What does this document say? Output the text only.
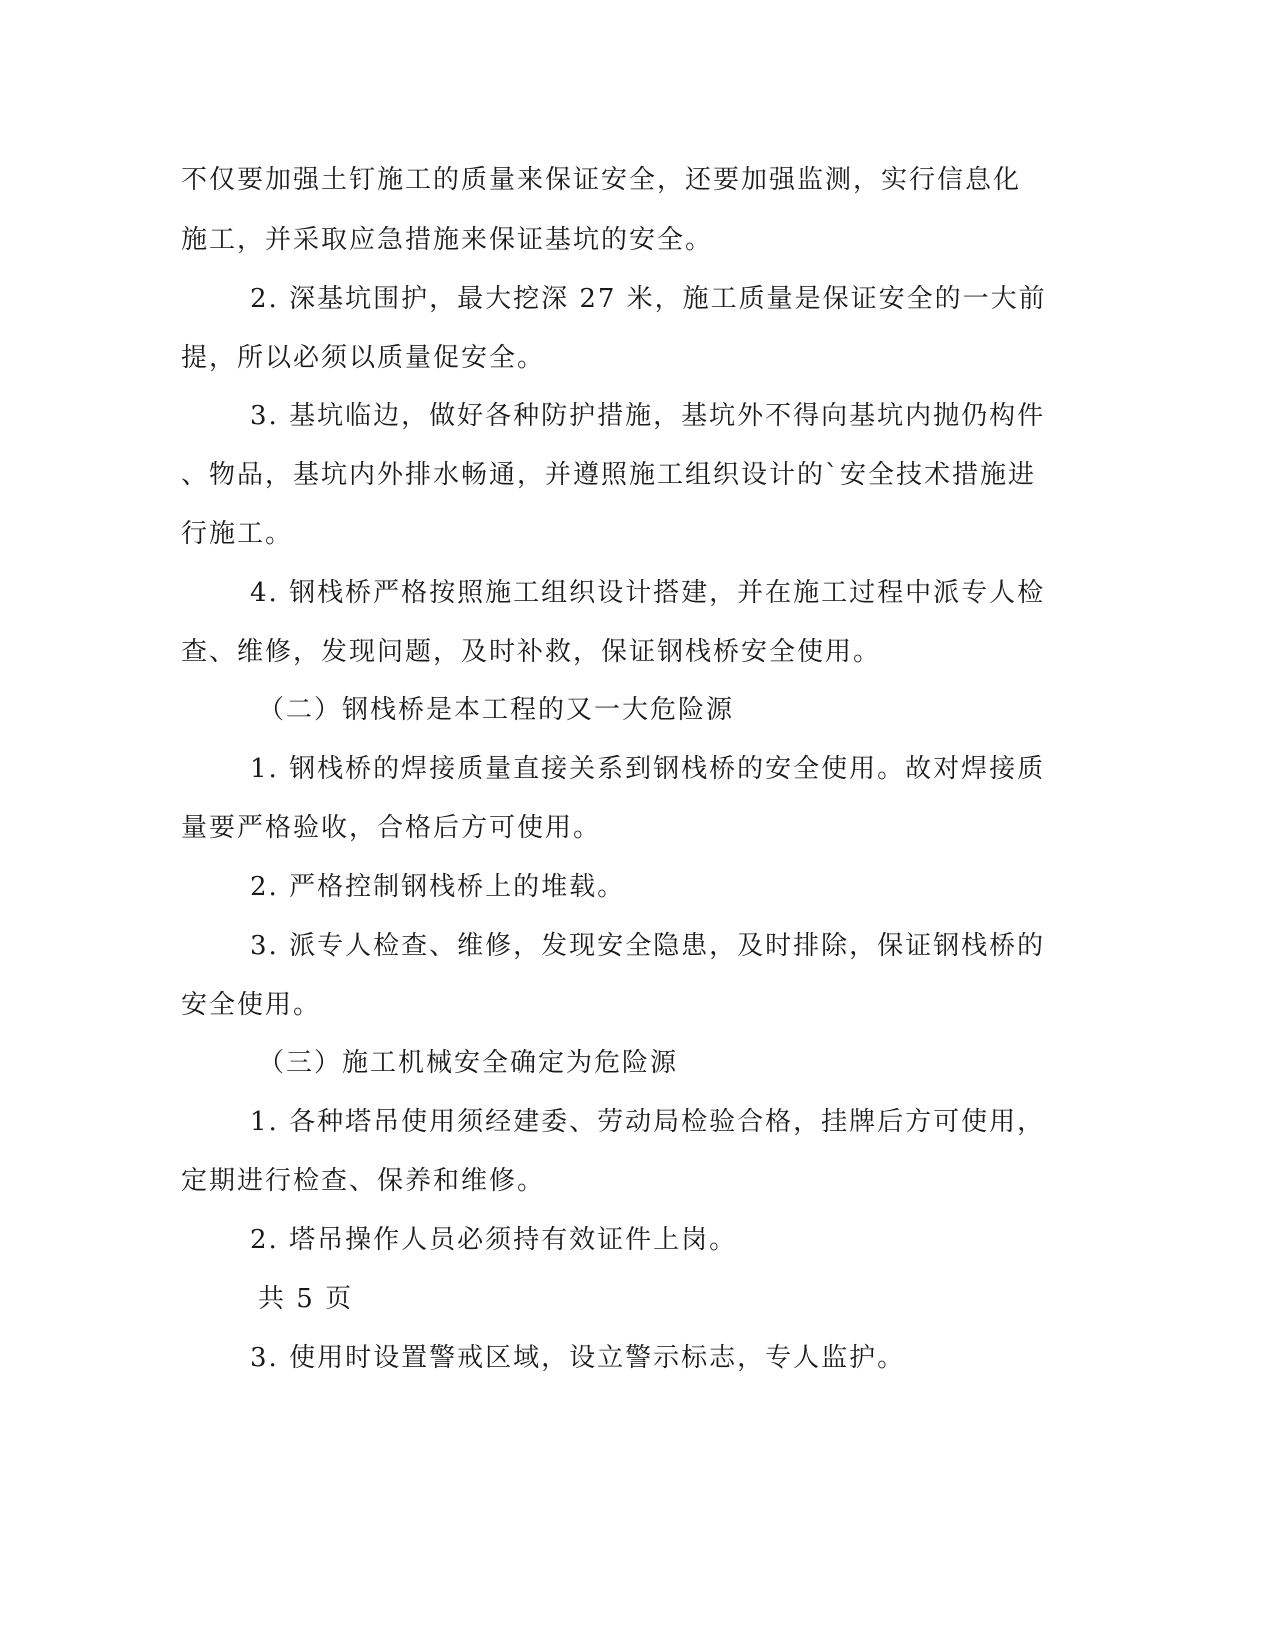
不仅要加强土钉施工的质量来保证安全，还要加强监测，实行信息化
施工，并采取应急措施来保证基坑的安全。
2. 深基坑围护，最大挖深 27 米，施工质量是保证安全的一大前
提，所以必须以质量促安全。
3. 基坑临边，做好各种防护措施，基坑外不得向基坑内抛仍构件
、物品，基坑内外排水畅通，并遵照施工组织设计的`安全技术措施进
行施工。
4. 钢栈桥严格按照施工组织设计搭建，并在施工过程中派专人检
查、维修，发现问题，及时补救，保证钢栈桥安全使用。
（二）钢栈桥是本工程的又一大危险源
1. 钢栈桥的焊接质量直接关系到钢栈桥的安全使用。故对焊接质
量要严格验收，合格后方可使用。
2. 严格控制钢栈桥上的堆载。
3. 派专人检查、维修，发现安全隐患，及时排除，保证钢栈桥的
安全使用。
（三）施工机械安全确定为危险源
1. 各种塔吊使用须经建委、劳动局检验合格，挂牌后方可使用，
定期进行检查、保养和维修。
2. 塔吊操作人员必须持有效证件上岗。
共 5 页
3. 使用时设置警戒区域，设立警示标志，专人监护。
